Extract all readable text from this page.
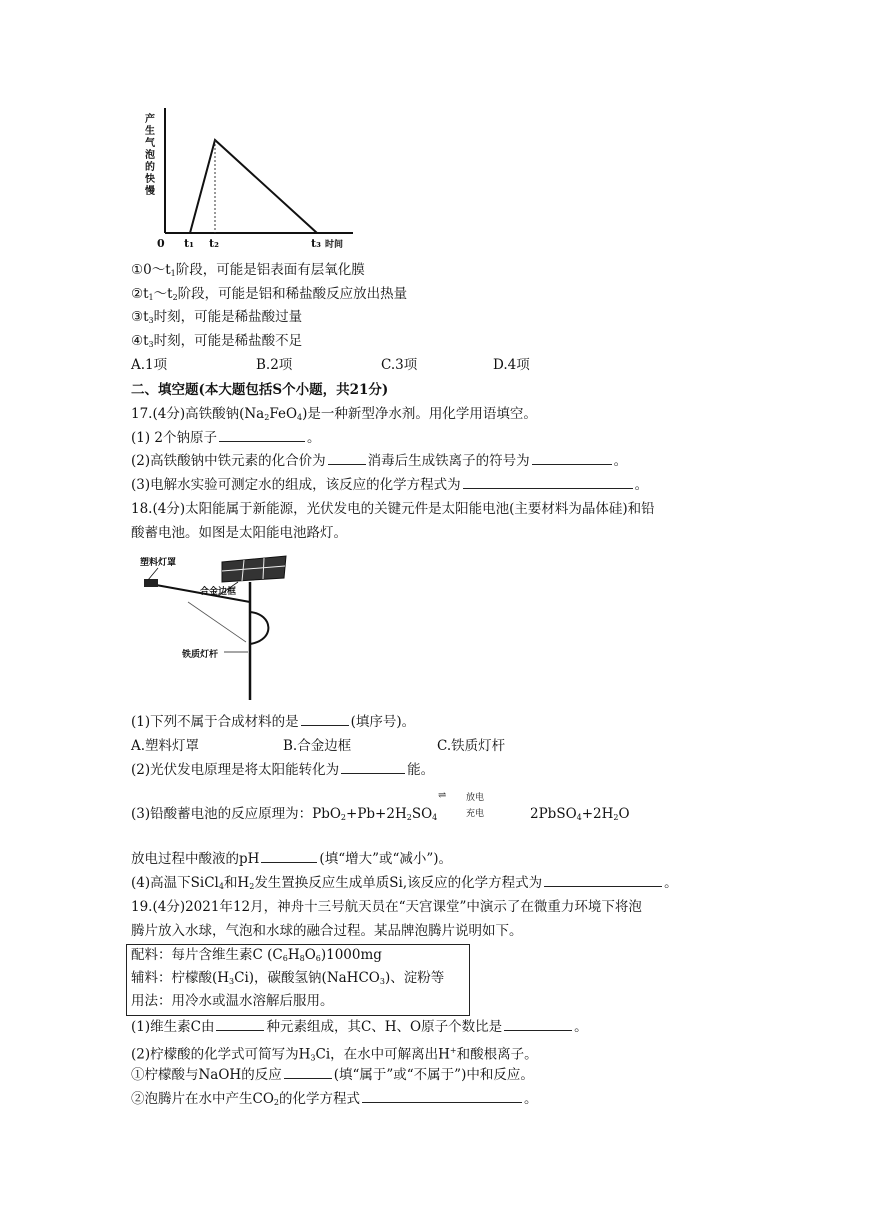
产
生
气
泡
的
快
慢
0 t₁ t₂	t₃ 时间
$①0\sim t_1$阶段，可能是铝表面有层氧化膜
$②t_1\sim t_2$阶段，可能是铝和稀盐酸反应放出热量
$③t_3$时刻，可能是稀盐酸过量
$④t_3$时刻，可能是稀盐酸不足
A.1项	B.2项	C.3项	D.4项
二、填空题(本大题包括S个小题，共21分)
17.(4分)高铁酸钠$(Na_2FeO_4)$是一种新型净水剂。用化学用语填空。
(1) 2个钠原子	。
(2)高铁酸钠中铁元素的化合价为	消毒后生成铁离子的符号为	。
(3)电解水实验可测定水的组成，该反应的化学方程式为	。
18.(4分)太阳能属于新能源，光伏发电的关键元件是太阳能电池(主要材料为晶体硅)和铅
酸蓄电池。如图是太阳能电池路灯。
塑料灯罩
合金边框
铁质灯杆
(1)下列不属于合成材料的是	(填序号)。
A.塑料灯罩	B.合金边框	C.铁质灯杆
(2)光伏发电原理是将太阳能转化为	能。
(3)铅酸蓄电池的反应原理为：$PbO_2+Pb+2H_2SO_4$
⇌ 放电
充电	$2PbSO_4+2H_2O$
放电过程中酸液的pH	(填“增大”或“减小”)。
(4)高温下SiCl$_4$和$H_2$发生置换反应生成单质Si,该反应的化学方程式为	。
19.(4分)2021年12月，神舟十三号航天员在“天宫课堂”中演示了在微重力环境下将泡
腾片放入水球，气泡和水球的融合过程。某品牌泡腾片说明如下。
配料：每片含维生素C $(C_6H_8O_6)1000mg$
辅料：柠檬酸$(H_3Ci)$，碳酸氢钠(NaHCO$_3$)、淀粉等
用法：用冷水或温水溶解后服用。
(1)维生素C由	种元素组成，其C、H、O原子个数比是	。
(2)柠檬酸的化学式可简写为$H_3Ci$，在水中可解离出H+和酸根离子。
①柠檬酸与NaOH的反应	(填“属于”或“不属于”)中和反应。
②泡腾片在水中产生$CO_2$的化学方程式	。
